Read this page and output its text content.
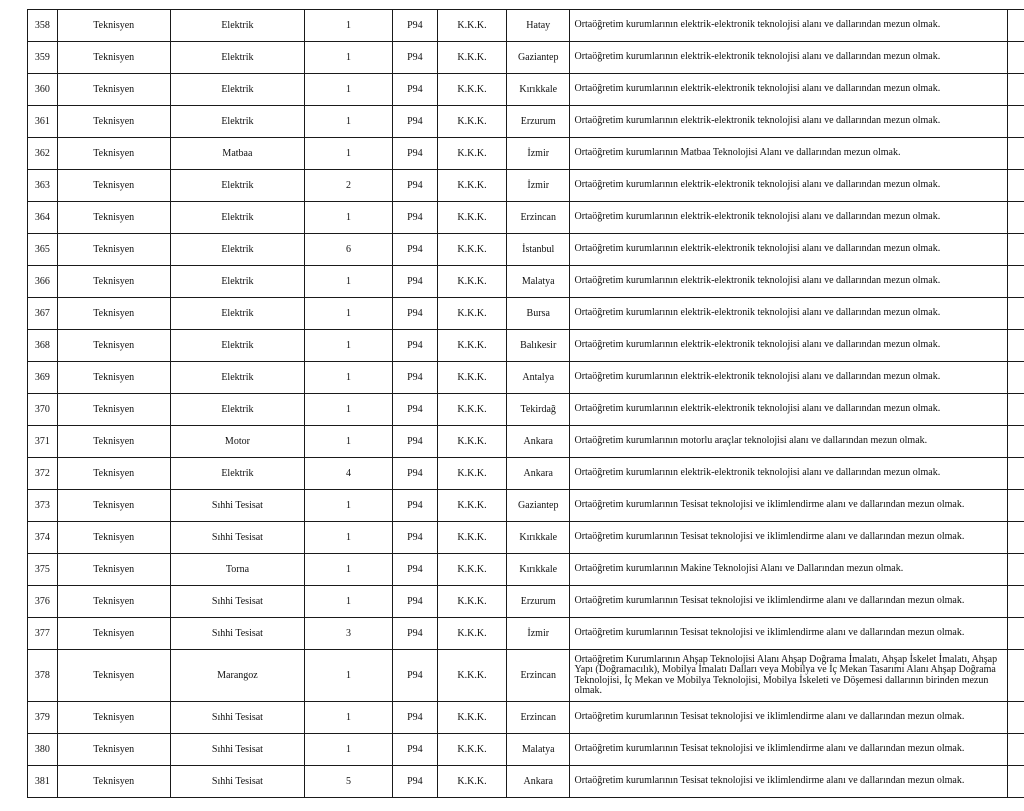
358	Teknisyen	Elektrik	1	P94	K.K.K.	Hatay	Ortaöğretim kurumlarının elektrik-elektronik teknolojisi alanı ve dallarından mezun olmak.	
359	Teknisyen	Elektrik	1	P94	K.K.K.	Gaziantep	Ortaöğretim kurumlarının elektrik-elektronik teknolojisi alanı ve dallarından mezun olmak.	
360	Teknisyen	Elektrik	1	P94	K.K.K.	Kırıkkale	Ortaöğretim kurumlarının elektrik-elektronik teknolojisi alanı ve dallarından mezun olmak.	
361	Teknisyen	Elektrik	1	P94	K.K.K.	Erzurum	Ortaöğretim kurumlarının elektrik-elektronik teknolojisi alanı ve dallarından mezun olmak.	
362	Teknisyen	Matbaa	1	P94	K.K.K.	İzmir	Ortaöğretim kurumlarının Matbaa Teknolojisi Alanı ve dallarından mezun olmak.	
363	Teknisyen	Elektrik	2	P94	K.K.K.	İzmir	Ortaöğretim kurumlarının elektrik-elektronik teknolojisi alanı ve dallarından mezun olmak.	
364	Teknisyen	Elektrik	1	P94	K.K.K.	Erzincan	Ortaöğretim kurumlarının elektrik-elektronik teknolojisi alanı ve dallarından mezun olmak.	
365	Teknisyen	Elektrik	6	P94	K.K.K.	İstanbul	Ortaöğretim kurumlarının elektrik-elektronik teknolojisi alanı ve dallarından mezun olmak.	
366	Teknisyen	Elektrik	1	P94	K.K.K.	Malatya	Ortaöğretim kurumlarının elektrik-elektronik teknolojisi alanı ve dallarından mezun olmak.	
367	Teknisyen	Elektrik	1	P94	K.K.K.	Bursa	Ortaöğretim kurumlarının elektrik-elektronik teknolojisi alanı ve dallarından mezun olmak.	
368	Teknisyen	Elektrik	1	P94	K.K.K.	Balıkesir	Ortaöğretim kurumlarının elektrik-elektronik teknolojisi alanı ve dallarından mezun olmak.	
369	Teknisyen	Elektrik	1	P94	K.K.K.	Antalya	Ortaöğretim kurumlarının elektrik-elektronik teknolojisi alanı ve dallarından mezun olmak.	
370	Teknisyen	Elektrik	1	P94	K.K.K.	Tekirdağ	Ortaöğretim kurumlarının elektrik-elektronik teknolojisi alanı ve dallarından mezun olmak.	
371	Teknisyen	Motor	1	P94	K.K.K.	Ankara	Ortaöğretim kurumlarının motorlu araçlar teknolojisi alanı ve dallarından mezun olmak.	
372	Teknisyen	Elektrik	4	P94	K.K.K.	Ankara	Ortaöğretim kurumlarının elektrik-elektronik teknolojisi alanı ve dallarından mezun olmak.	
373	Teknisyen	Sıhhi Tesisat	1	P94	K.K.K.	Gaziantep	Ortaöğretim kurumlarının Tesisat teknolojisi ve iklimlendirme alanı ve dallarından mezun olmak.	
374	Teknisyen	Sıhhi Tesisat	1	P94	K.K.K.	Kırıkkale	Ortaöğretim kurumlarının Tesisat teknolojisi ve iklimlendirme alanı ve dallarından mezun olmak.	
375	Teknisyen	Torna	1	P94	K.K.K.	Kırıkkale	Ortaöğretim kurumlarının Makine Teknolojisi Alanı ve Dallarından mezun olmak.	
376	Teknisyen	Sıhhi Tesisat	1	P94	K.K.K.	Erzurum	Ortaöğretim kurumlarının Tesisat teknolojisi ve iklimlendirme alanı ve dallarından mezun olmak.	
377	Teknisyen	Sıhhi Tesisat	3	P94	K.K.K.	İzmir	Ortaöğretim kurumlarının Tesisat teknolojisi ve iklimlendirme alanı ve dallarından mezun olmak.	
378	Teknisyen	Marangoz	1	P94	K.K.K.	Erzincan	Ortaöğretim Kurumlarının Ahşap Teknolojisi Alanı Ahşap Doğrama İmalatı, Ahşap İskelet İmalatı, Ahşap Yapı (Doğramacılık), Mobilya İmalatı Dalları veya Mobilya ve İç Mekan Tasarımı Alanı Ahşap Doğrama Teknolojisi, İç Mekan ve Mobilya Teknolojisi, Mobilya İskeleti ve Döşemesi dallarının birinden mezun olmak.	
379	Teknisyen	Sıhhi Tesisat	1	P94	K.K.K.	Erzincan	Ortaöğretim kurumlarının Tesisat teknolojisi ve iklimlendirme alanı ve dallarından mezun olmak.	
380	Teknisyen	Sıhhi Tesisat	1	P94	K.K.K.	Malatya	Ortaöğretim kurumlarının Tesisat teknolojisi ve iklimlendirme alanı ve dallarından mezun olmak.	
381	Teknisyen	Sıhhi Tesisat	5	P94	K.K.K.	Ankara	Ortaöğretim kurumlarının Tesisat teknolojisi ve iklimlendirme alanı ve dallarından mezun olmak.	
